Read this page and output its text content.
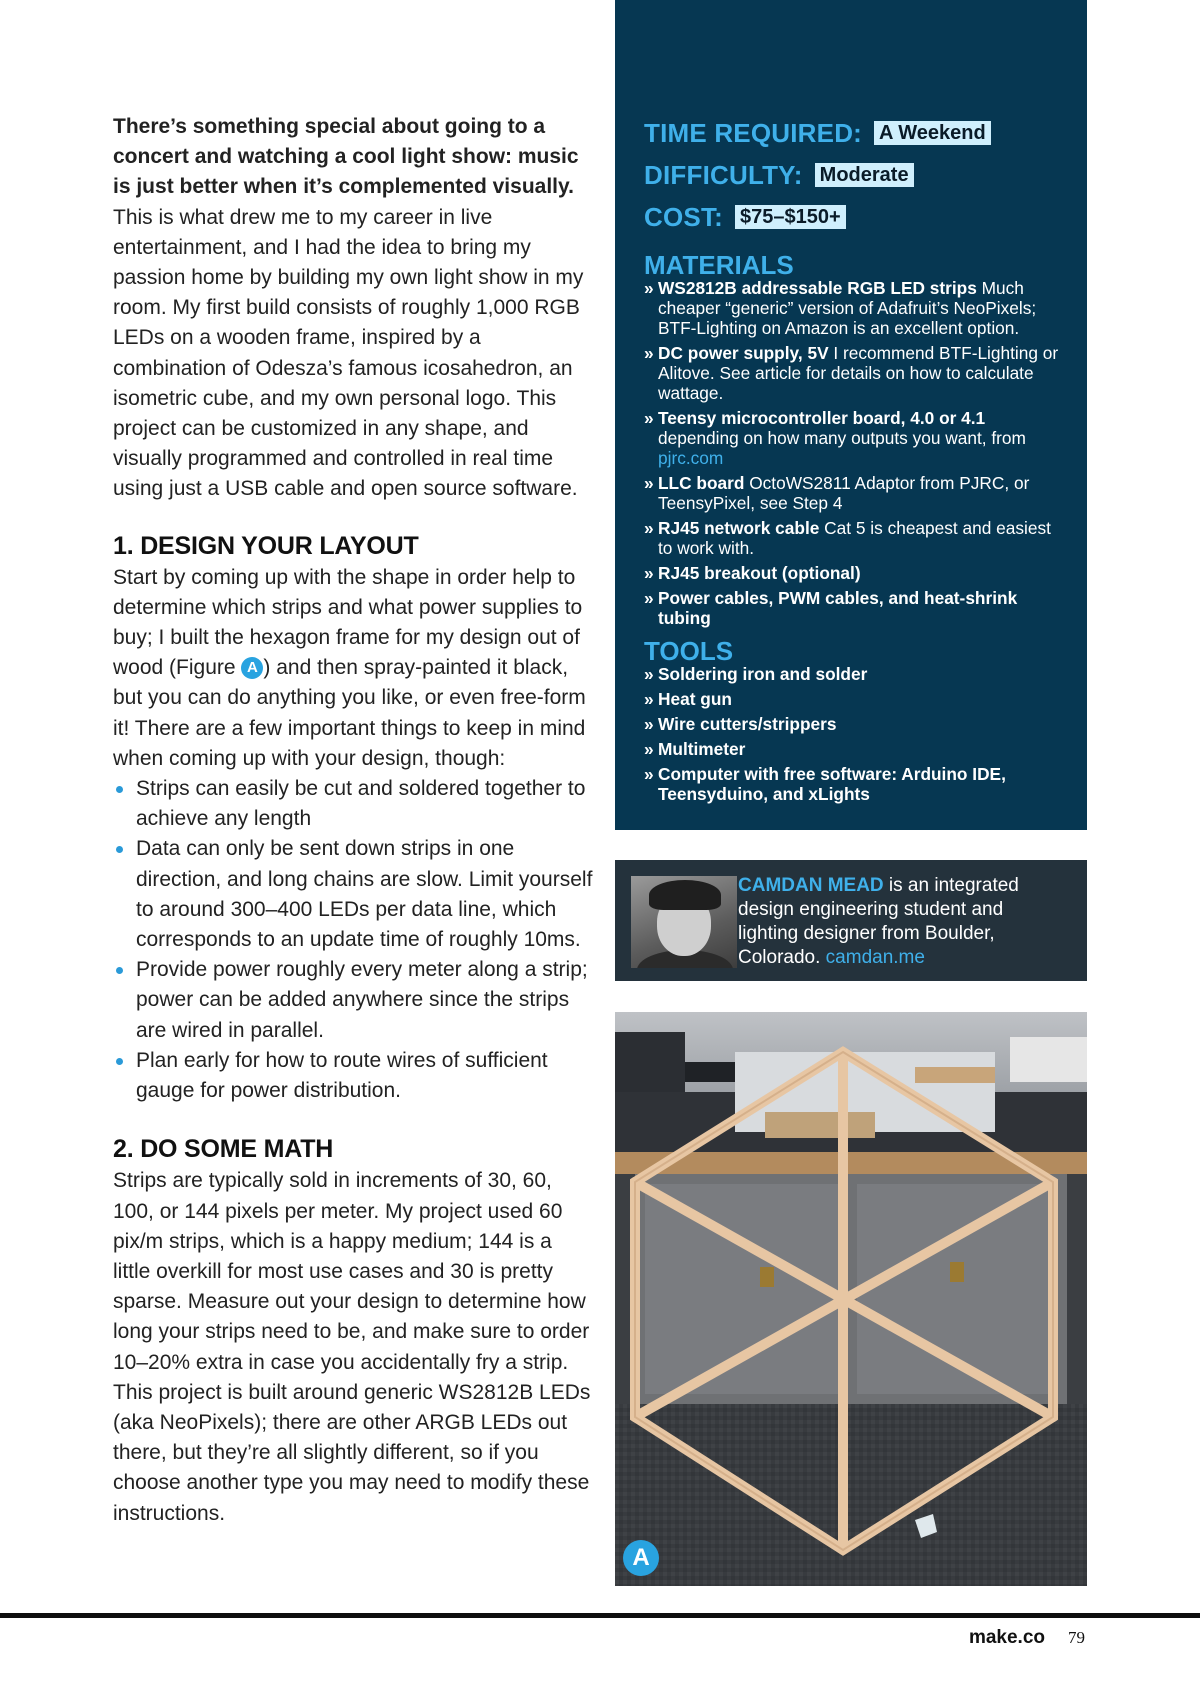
There’s something special about going to a concert and watching a cool light show: music is just better when it’s complemented visually. This is what drew me to my career in live entertainment, and I had the idea to bring my passion home by building my own light show in my room. My first build consists of roughly 1,000 RGB LEDs on a wooden frame, inspired by a combination of Odesza’s famous icosahedron, an isometric cube, and my own personal logo. This project can be customized in any shape, and visually programmed and controlled in real time using just a USB cable and open source software.

1. DESIGN YOUR LAYOUT

Start by coming up with the shape in order help to determine which strips and what power supplies to buy; I built the hexagon frame for my design out of wood (Figure A ) and then spray-painted it black, but you can do anything you like, or even free-form it! There are a few important things to keep in mind when coming up with your design, though:

Strips can easily be cut and soldered together to achieve any length
Data can only be sent down strips in one direction, and long chains are slow. Limit yourself to around 300–400 LEDs per data line, which corresponds to an update time of roughly 10ms.
Provide power roughly every meter along a strip; power can be added anywhere since the strips are wired in parallel.
Plan early for how to route wires of sufficient gauge for power distribution.
2. DO SOME MATH

Strips are typically sold in increments of 30, 60, 100, or 144 pixels per meter. My project used 60 pix/m strips, which is a happy medium; 144 is a little overkill for most use cases and 30 is pretty sparse. Measure out your design to determine how long your strips need to be, and make sure to order 10–20% extra in case you accidentally fry a strip. This project is built around generic WS2812B LEDs (aka NeoPixels); there are other ARGB LEDs out there, but they’re all slightly different, so if you choose another type you may need to modify these instructions.

TIME REQUIRED: A Weekend
DIFFICULTY: Moderate
COST: $75–$150+
MATERIALS
» WS2812B addressable RGB LED strips Much cheaper “generic” version of Adafruit’s NeoPixels; BTF-Lighting on Amazon is an excellent option.
» DC power supply, 5V I recommend BTF-Lighting or Alitove. See article for details on how to calculate wattage.
» Teensy microcontroller board, 4.0 or 4.1 depending on how many outputs you want, from pjrc.com
» LLC board OctoWS2811 Adaptor from PJRC, or TeensyPixel, see Step 4
» RJ45 network cable Cat 5 is cheapest and easiest to work with.
» RJ45 breakout (optional)
» Power cables, PWM cables, and heat-shrink tubing
TOOLS
» Soldering iron and solder
» Heat gun
» Wire cutters/strippers
» Multimeter
» Computer with free software: Arduino IDE, Teensyduino, and xLights

CAMDAN MEAD is an integrated design engineering student and lighting designer from Boulder, Colorado. camdan.me

A
make.co 79
